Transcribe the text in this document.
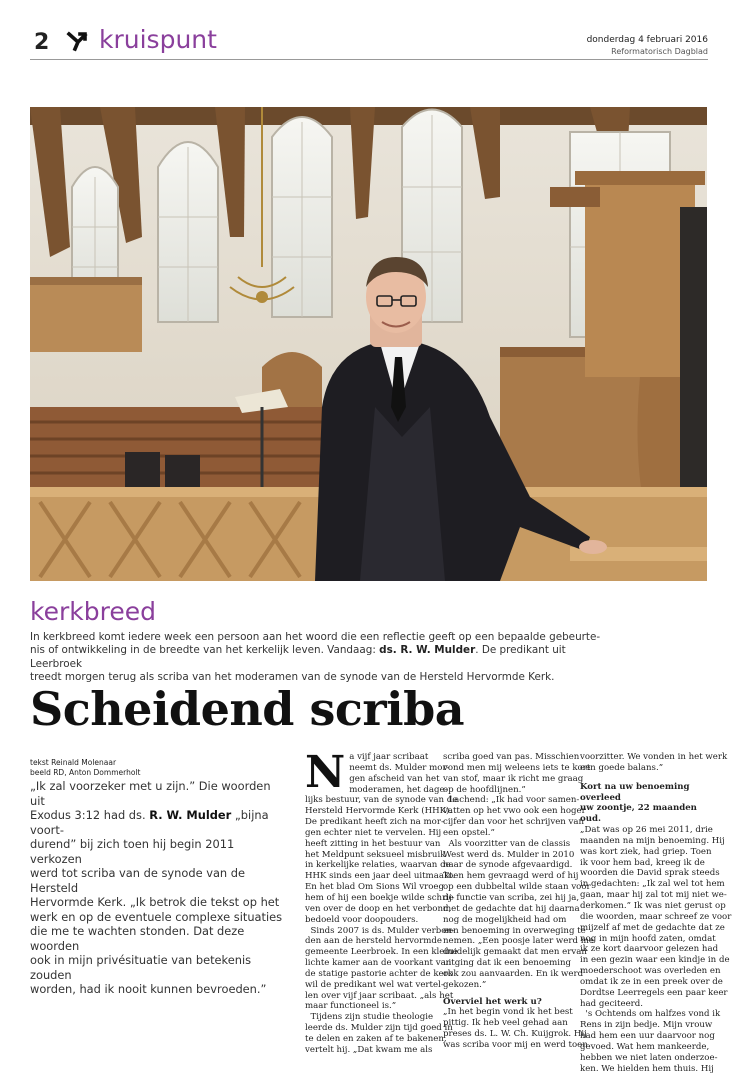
2 kruispunt	donderdag 4 februari 2016
Reformatorisch Dagblad
kerkbreed
In kerkbreed komt iedere week een persoon aan het woord die een reflectie geeft op een bepaalde gebeurte-
nis of ontwikkeling in de breedte van het kerkelijk leven. Vandaag: ds. R. W. Mulder. De predikant uit Leerbroek
treedt morgen terug als scriba van het moderamen van de synode van de Hersteld Hervormde Kerk.
Scheidend scriba
tekst Reinald Molenaar
beeld RD, Anton Dommerholt
„Ik zal voorzeker met u zijn.” Die woorden uit
Exodus 3:12 had ds. R. W. Mulder „bijna voort-
durend” bij zich toen hij begin 2011 verkozen
werd tot scriba van de synode van de Hersteld
Hervormde Kerk. „Ik betrok die tekst op het
werk en op de eventuele complexe situaties
die me te wachten stonden. Dat deze woorden
ook in mijn privésituatie van betekenis zouden
worden, had ik nooit kunnen bevroeden.”
N a vijf jaar scribaat
neemt ds. Mulder mor-
gen afscheid van het
moderamen, het dage-
lijks bestuur, van de synode van de
Hersteld Hervormde Kerk (HHK).
De predikant heeft zich na mor-
gen echter niet te vervelen. Hij
heeft zitting in het bestuur van
het Meldpunt seksueel misbruik
in kerkelijke relaties, waarvan de
HHK sinds een jaar deel uitmaakt.
En het blad Om Sions Wil vroeg
hem of hij een boekje wilde schrij-
ven over de doop en het verbond,
bedoeld voor doopouders.
Sinds 2007 is ds. Mulder verbon-
den aan de hersteld hervormde
gemeente Leerbroek. In een kleine
lichte kamer aan de voorkant van
de statige pastorie achter de kerk
wil de predikant wel wat vertel-
len over vijf jaar scribaat. „als het
maar functioneel is.”
Tijdens zijn studie theologie
leerde ds. Mulder zijn tijd goed in
te delen en zaken af te bakenen,
vertelt hij. „Dat kwam me als
scriba goed van pas. Misschien
vond men mij weleens iets te kort
van stof, maar ik richt me graag
op de hoofdlijnen.”
Lachend: „Ik had voor samen-
vatten op het vwo ook een hoger
cijfer dan voor het schrijven van
een opstel.”
Als voorzitter van de classis
West werd ds. Mulder in 2010
naar de synode afgevaardigd.
Toen hem gevraagd werd of hij
op een dubbeltal wilde staan voor
de functie van scriba, zei hij ja,
met de gedachte dat hij daarna
nog de mogelijkheid had om
een benoeming in overweging te
nemen. „Een poosje later werd me
duidelijk gemaakt dat men ervan
uitging dat ik een benoeming
ook zou aanvaarden. En ik werd
gekozen.”
Overviel het werk u?
„In het begin vond ik het best
pittig. Ik heb veel gehad aan
preses ds. L. W. Ch. Kuijgrok. Hij
was scriba voor mij en werd toen
voorzitter. We vonden in het werk
een goede balans.”
Kort na uw benoeming overleed
uw zoontje, 22 maanden oud.
„Dat was op 26 mei 2011, drie
maanden na mijn benoeming. Hij
was kort ziek, had griep. Toen
ik voor hem bad, kreeg ik de
woorden die David sprak steeds
in gedachten: „Ik zal wel tot hem
gaan, maar hij zal tot mij niet we-
derkomen.” Ik was niet gerust op
die woorden, maar schreef ze voor
mijzelf af met de gedachte dat ze
nog in mijn hoofd zaten, omdat
ik ze kort daarvoor gelezen had
in een gezin waar een kindje in de
moederschoot was overleden en
omdat ik ze in een preek over de
Dordtse Leerregels een paar keer
had geciteerd.
's Ochtends om halfzes vond ik
Rens in zijn bedje. Mijn vrouw
had hem een uur daarvoor nog
gevoed. Wat hem mankeerde,
hebben we niet laten onderzoe-
ken. We hielden hem thuis. Hij
